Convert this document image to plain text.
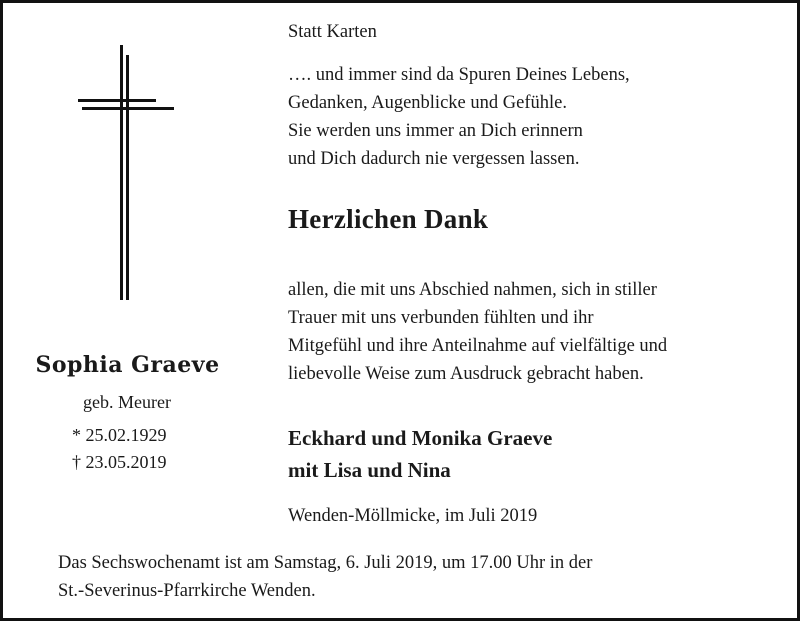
Sophia Graeve
geb. Meurer
* 25.02.1929
† 23.05.2019
Statt Karten
…. und immer sind da Spuren Deines Lebens,
Gedanken, Augenblicke und Gefühle.
Sie werden uns immer an Dich erinnern
und Dich dadurch nie vergessen lassen.
Herzlichen Dank
allen, die mit uns Abschied nahmen, sich in stiller
Trauer mit uns verbunden fühlten und ihr
Mitgefühl und ihre Anteilnahme auf vielfältige und
liebevolle Weise zum Ausdruck gebracht haben.
Eckhard und Monika Graeve
mit Lisa und Nina
Wenden-Möllmicke, im Juli 2019
Das Sechswochenamt ist am Samstag, 6. Juli 2019, um 17.00 Uhr in der
St.-Severinus-Pfarrkirche Wenden.
